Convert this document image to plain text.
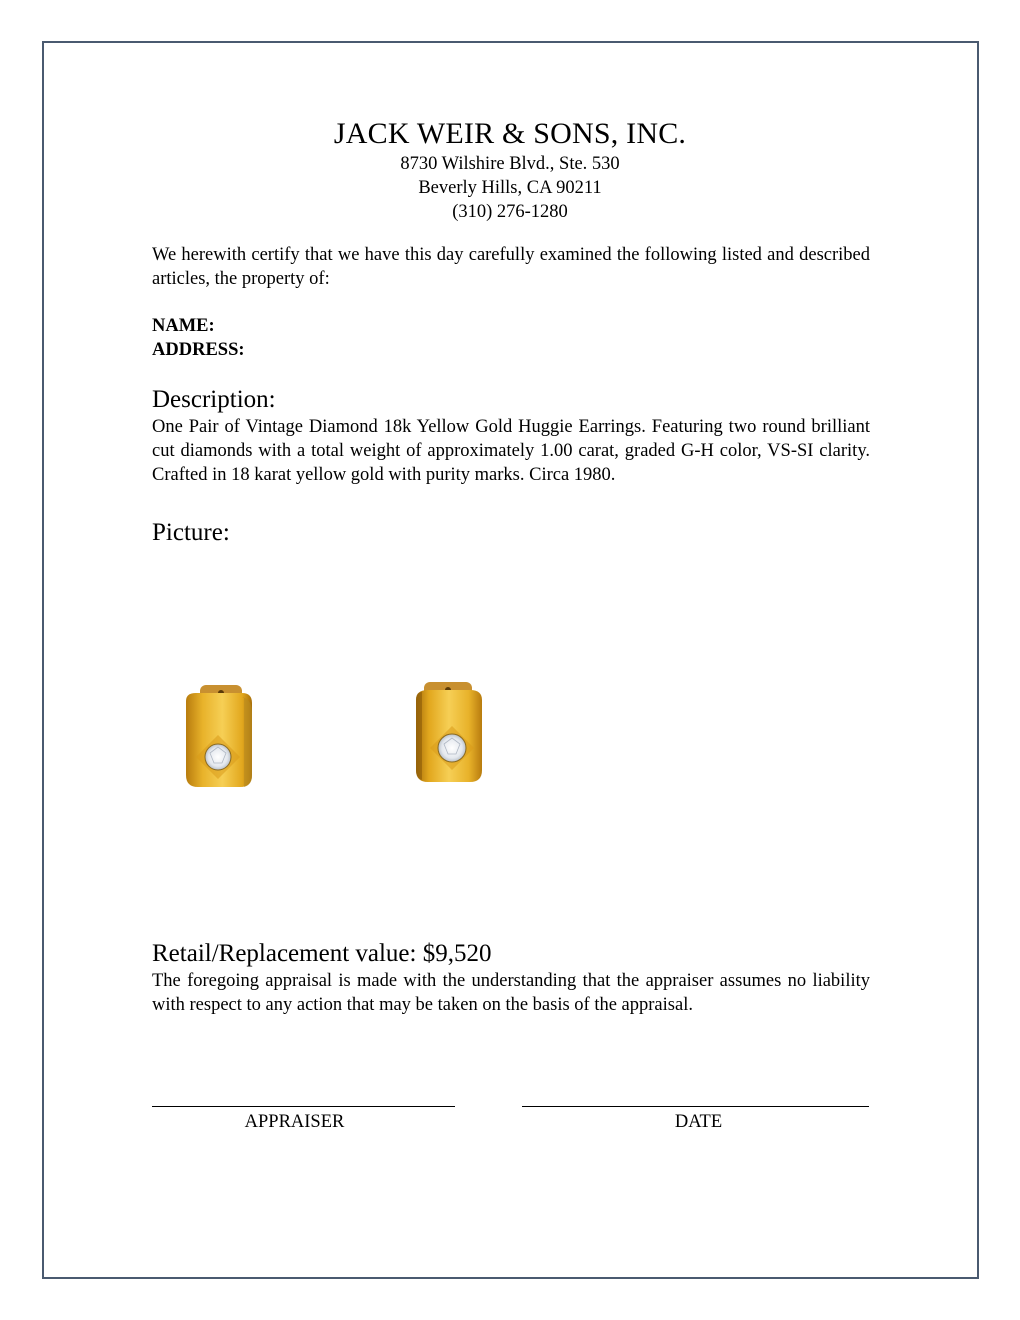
JACK WEIR & SONS, INC.
8730 Wilshire Blvd., Ste. 530
Beverly Hills, CA 90211
(310) 276-1280
We herewith certify that we have this day carefully examined the following listed and described articles, the property of:
NAME:
ADDRESS:
Description:
One Pair of Vintage Diamond 18k Yellow Gold Huggie Earrings. Featuring two round brilliant cut diamonds with a total weight of approximately 1.00 carat, graded G-H color, VS-SI clarity. Crafted in 18 karat yellow gold with purity marks. Circa 1980.
Picture:
Retail/Replacement value: $9,520
The foregoing appraisal is made with the understanding that the appraiser assumes no liability with respect to any action that may be taken on the basis of the appraisal.
APPRAISER	DATE
